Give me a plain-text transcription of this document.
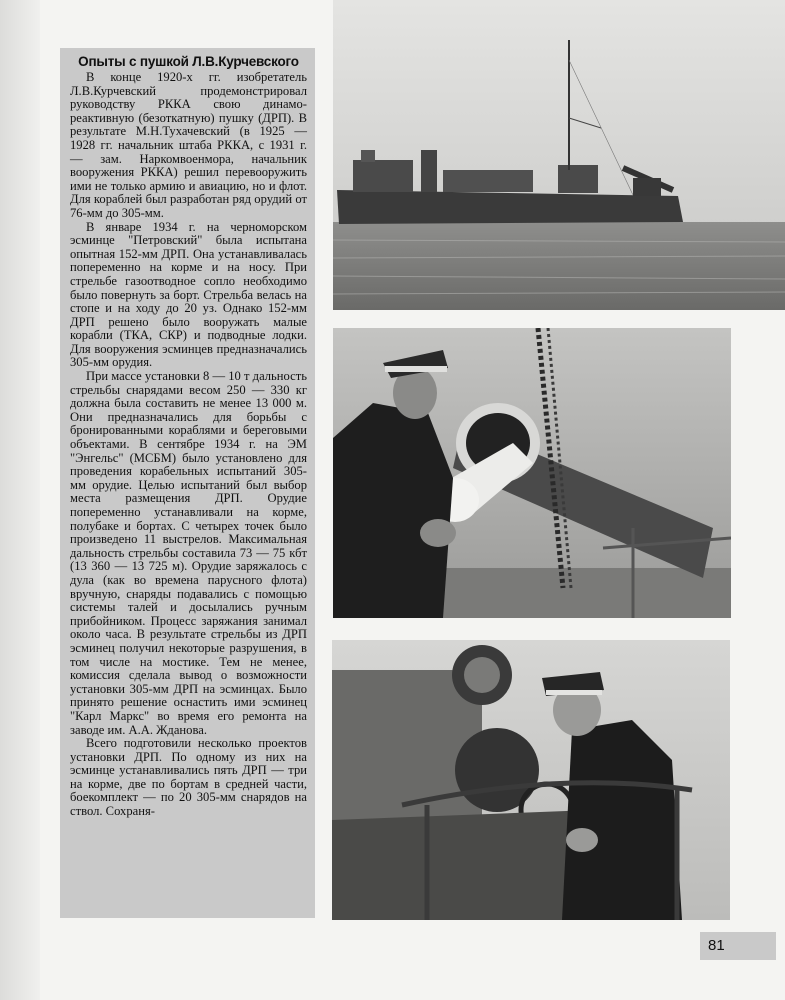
Опыты с пушкой Л.В.Курчевского

В конце 1920-х гг. изобретатель Л.В.Курчевский продемонстрировал руководству РККА свою динамо-реактивную (безоткатную) пушку (ДРП). В результате М.Н.Тухачевский (в 1925 — 1928 гг. начальник штаба РККА, с 1931 г. — зам. Наркомвоенмора, начальник вооружения РККА) решил перевооружить ими не только армию и авиацию, но и флот. Для кораблей был разработан ряд орудий от 76-мм до 305-мм.

В январе 1934 г. на черноморском эсминце "Петровский" была испытана опытная 152-мм ДРП. Она устанавливалась попеременно на корме и на носу. При стрельбе газоотводное сопло необходимо было повернуть за борт. Стрельба велась на стопе и на ходу до 20 уз. Однако 152-мм ДРП решено было вооружать малые корабли (ТКА, СКР) и подводные лодки. Для вооружения эсминцев предназначались 305-мм орудия.

При массе установки 8 — 10 т дальность стрельбы снарядами весом 250 — 330 кг должна была составить не менее 13 000 м. Они предназначались для борьбы с бронированными кораблями и береговыми объектами. В сентябре 1934 г. на ЭМ "Энгельс" (МСБМ) было установлено для проведения корабельных испытаний 305-мм орудие. Целью испытаний был выбор места размещения ДРП. Орудие попеременно устанавливали на корме, полубаке и бортах. С четырех точек было произведено 11 выстрелов. Максимальная дальность стрельбы составила 73 — 75 кбт (13 360 — 13 725 м). Орудие заряжалось с дула (как во времена парусного флота) вручную, снаряды подавались с помощью системы талей и досылались ручным прибойником. Процесс заряжания занимал около часа. В результате стрельбы из ДРП эсминец получил некоторые разрушения, в том числе на мостике. Тем не менее, комиссия сделала вывод о возможности установки 305-мм ДРП на эсминцах. Было принято решение оснастить ими эсминец "Карл Маркс" во время его ремонта на заводе им. А.А. Жданова.

Всего подготовили несколько проектов установки ДРП. По одному из них на эсминце устанавливались пять ДРП — три на корме, две по бортам в средней части, боекомплект — по 20 305-мм снарядов на ствол. Сохраня-

81
